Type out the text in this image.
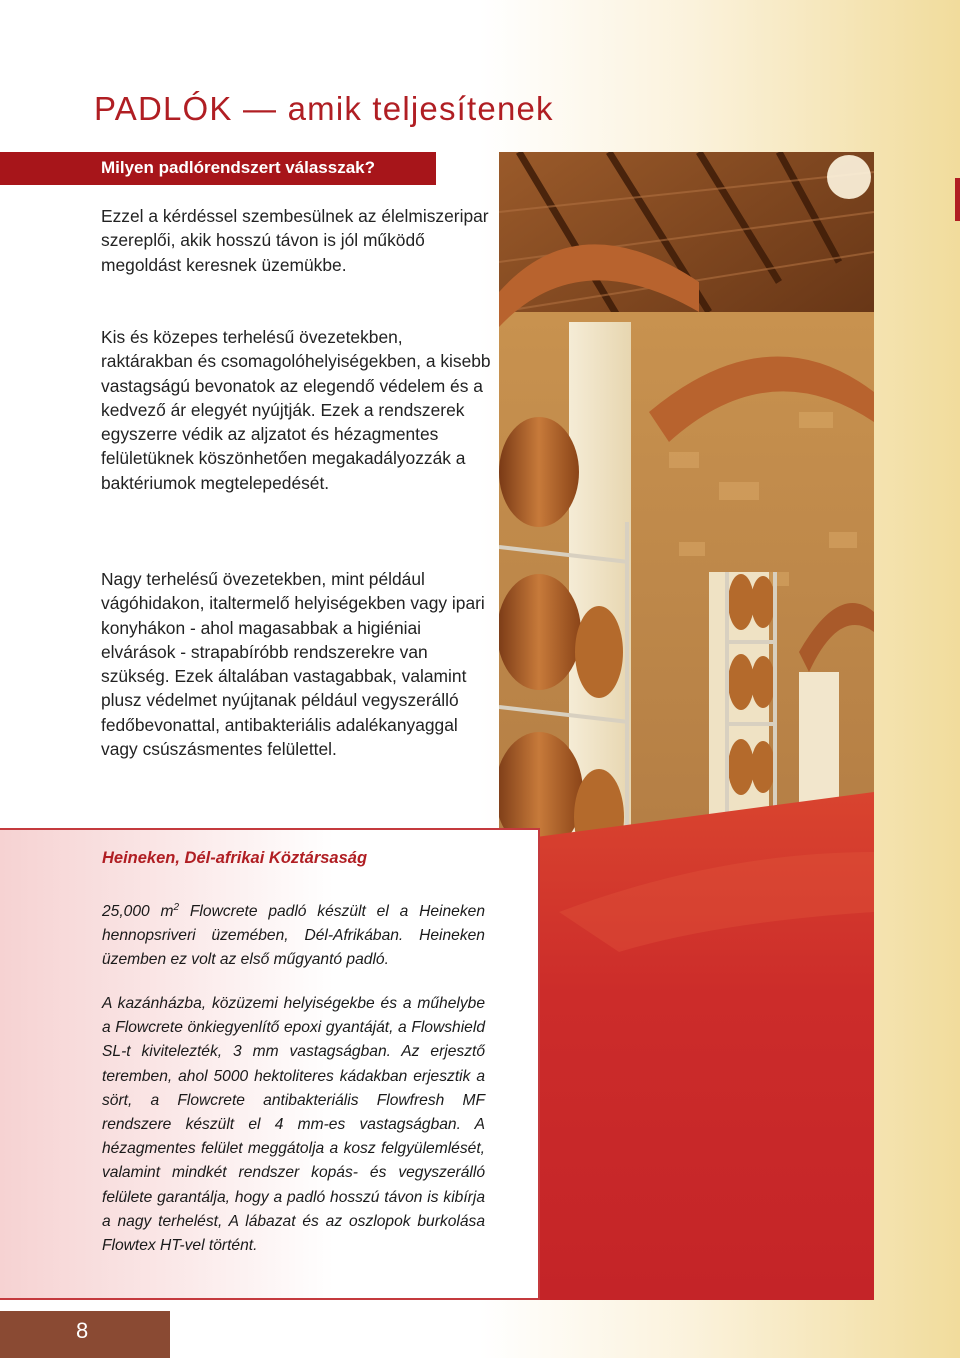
PADLÓK — amik teljesítenek
Milyen padlórendszert válasszak?
Ezzel a kérdéssel szembesülnek az élelmiszeripar szereplői, akik hosszú távon is jól működő megoldást keresnek üzemükbe.
Kis és közepes terhelésű övezetekben, raktárakban és csomagolóhelyiségekben, a kisebb vastagságú bevonatok az elegendő védelem és a kedvező ár elegyét nyújtják. Ezek a rendszerek egyszerre védik az aljzatot és hézagmentes felületüknek köszönhetően megakadályozzák a baktériumok megtelepedését.
Nagy terhelésű övezetekben, mint például vágóhidakon, italtermelő helyiségekben vagy ipari konyhákon - ahol magasabbak a higiéniai elvárások - strapabíróbb rendszerekre van szükség. Ezek általában vastagabbak, valamint plusz védelmet nyújtanak például vegyszerálló fedőbevonattal, antibakteriális adalékanyaggal vagy csúszásmentes felülettel.
Heineken, Dél-afrikai Köztársaság
25,000 $m^2$ Flowcrete padló készült el a Heineken hennopsriveri üzemében, Dél-Afrikában. Heineken üzemben ez volt az első műgyantó padló.
A kazánházba, közüzemi helyiségekbe és a műhelybe a Flowcrete önkiegyenlítő epoxi gyantáját, a Flowshield SL-t kivitelezték, 3 mm vastagságban. Az erjesztő teremben, ahol 5000 hektoliteres kádakban erjesztik a sört, a Flowcrete antibakteriális Flowfresh MF rendszere készült el 4 mm-es vastagságban. A hézagmentes felület meggátolja a kosz felgyülemlését, valamint mindkét rendszer kopás- és vegyszerálló felülete garantálja, hogy a padló hosszú távon is kibírja a nagy terhelést, A lábazat és az oszlopok burkolása Flowtex HT-vel történt.
8
